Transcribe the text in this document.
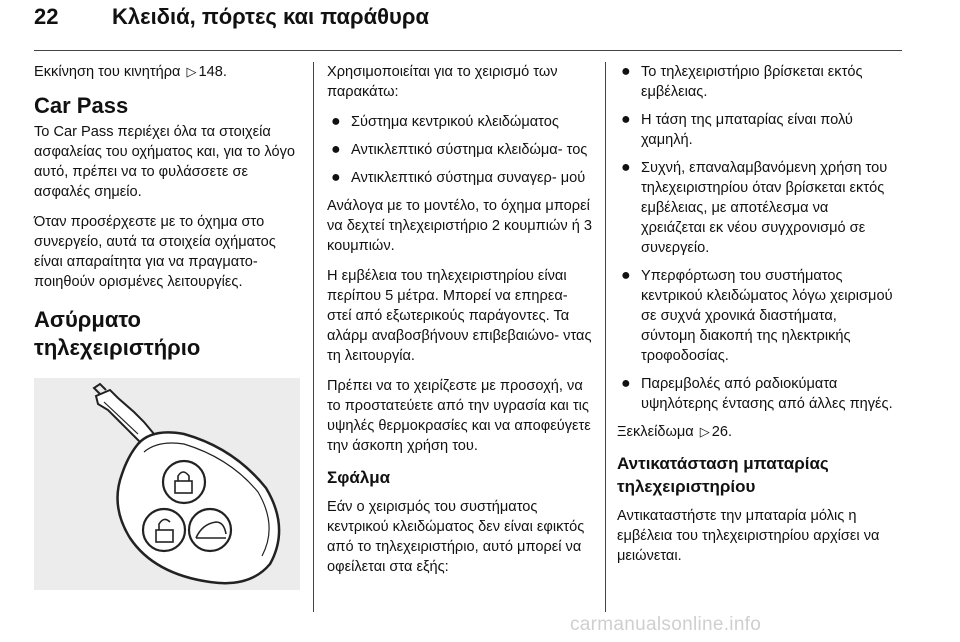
22 Κλειδιά, πόρτες και παράθυρα

Εκκίνηση του κινητήρα ▷ 148.

Car Pass

Το Car Pass περιέχει όλα τα στοιχεία ασφαλείας του οχήματος και, για το λόγο αυτό, πρέπει να το φυλάσσετε σε ασφαλές σημείο.

Όταν προσέρχεστε με το όχημα στο συνεργείο, αυτά τα στοιχεία οχήματος είναι απαραίτητα για να πραγματο- ποιηθούν ορισμένες λειτουργίες.

Ασύρματο τηλεχειριστήριο

Χρησιμοποιείται για το χειρισμό των παρακάτω:

● Σύστημα κεντρικού κλειδώματος
● Αντικλεπτικό σύστημα κλειδώμα- τος
● Αντικλεπτικό σύστημα συναγερ- μού

Ανάλογα με το μοντέλο, το όχημα μπορεί να δεχτεί τηλεχειριστήριο 2 κουμπιών ή 3 κουμπιών.

Η εμβέλεια του τηλεχειριστηρίου είναι περίπου 5 μέτρα. Μπορεί να επηρεα- στεί από εξωτερικούς παράγοντες. Τα αλάρμ αναβοσβήνουν επιβεβαιώνο- ντας τη λειτουργία.

Πρέπει να το χειρίζεστε με προσοχή, να το προστατεύετε από την υγρασία και τις υψηλές θερμοκρασίες και να αποφεύγετε την άσκοπη χρήση του.

Σφάλμα

Εάν ο χειρισμός του συστήματος κεντρικού κλειδώματος δεν είναι εφικτός από το τηλεχειριστήριο, αυτό μπορεί να οφείλεται στα εξής:

● Το τηλεχειριστήριο βρίσκεται εκτός εμβέλειας.
● Η τάση της μπαταρίας είναι πολύ χαμηλή.
● Συχνή, επαναλαμβανόμενη χρήση του τηλεχειριστηρίου όταν βρίσκεται εκτός εμβέλειας, με αποτέλεσμα να χρειάζεται εκ νέου συγχρονισμό σε συνεργείο.
● Υπερφόρτωση του συστήματος κεντρικού κλειδώματος λόγω χειρισμού σε συχνά χρονικά διαστήματα, σύντομη διακοπή της ηλεκτρικής τροφοδοσίας.
● Παρεμβολές από ραδιοκύματα υψηλότερης έντασης από άλλες πηγές.

Ξεκλείδωμα ▷ 26.

Αντικατάσταση μπαταρίας τηλεχειριστηρίου

Αντικαταστήστε την μπαταρία μόλις η εμβέλεια του τηλεχειριστηρίου αρχίσει να μειώνεται.

carmanualsonline.info
